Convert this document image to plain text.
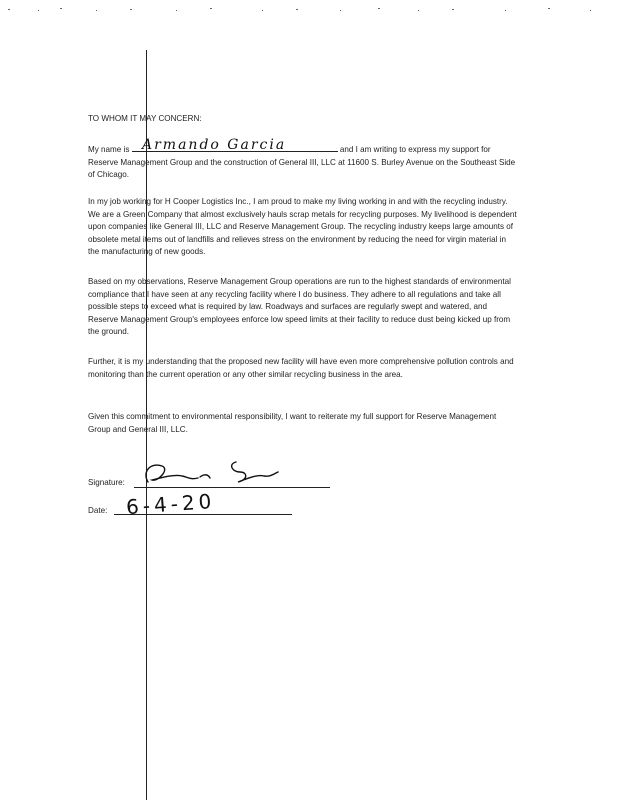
TO WHOM IT MAY CONCERN:

My name is	and I am writing to express my support for Reserve Management Group and the construction of General III, LLC at 11600 S. Burley Avenue on the Southeast Side of Chicago.

Armando Garcia

In my job working for H Cooper Logistics Inc., I am proud to make my living working in and with the recycling industry. We are a Green Company that almost exclusively hauls scrap metals for recycling purposes. My livelihood is dependent upon companies like General III, LLC and Reserve Management Group. The recycling industry keeps large amounts of obsolete metal items out of landfills and relieves stress on the environment by reducing the need for virgin material in the manufacturing of new goods.

Based on my observations, Reserve Management Group operations are run to the highest standards of environmental compliance that I have seen at any recycling facility where I do business. They adhere to all regulations and take all possible steps to exceed what is required by law. Roadways and surfaces are regularly swept and watered, and Reserve Management Group's employees enforce low speed limits at their facility to reduce dust being kicked up from the ground.

Further, it is my understanding that the proposed new facility will have even more comprehensive pollution controls and monitoring than the current operation or any other similar recycling business in the area.

Given this commitment to environmental responsibility, I want to reiterate my full support for Reserve Management Group and General III, LLC.

Signature:
Date: 6-4-20
